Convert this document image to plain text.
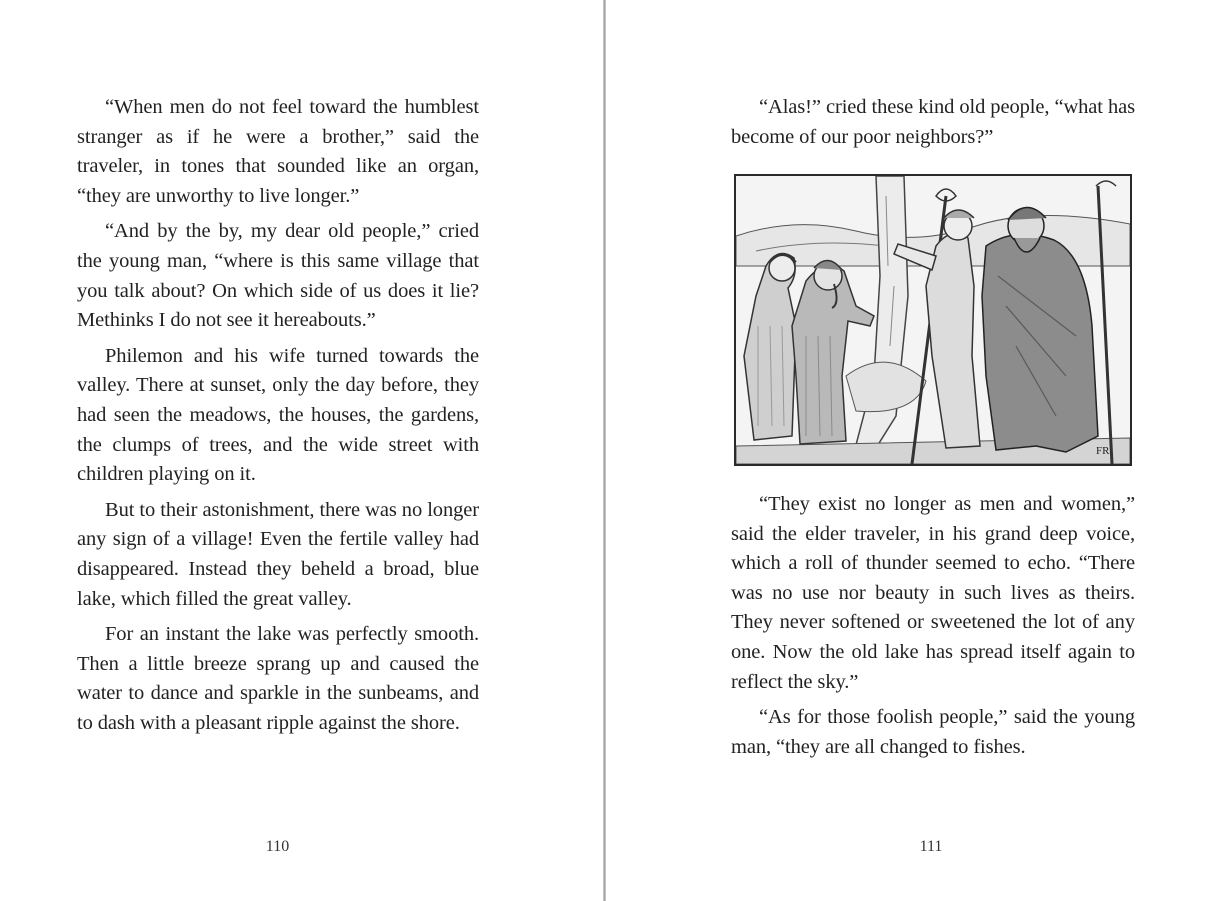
“When men do not feel toward the humblest stranger as if he were a brother,” said the traveler, in tones that sounded like an organ, “they are unworthy to live longer.”

“And by the by, my dear old people,” cried the young man, “where is this same village that you talk about? On which side of us does it lie? Methinks I do not see it hereabouts.”

Philemon and his wife turned towards the valley. There at sunset, only the day before, they had seen the meadows, the houses, the gardens, the clumps of trees, and the wide street with children playing on it.

But to their astonishment, there was no longer any sign of a village! Even the fertile valley had disappeared. Instead they beheld a broad, blue lake, which filled the great valley.

For an instant the lake was perfectly smooth. Then a little breeze sprang up and caused the water to dance and sparkle in the sunbeams, and to dash with a pleasant ripple against the shore.

110

“Alas!” cried these kind old people, “what has become of our poor neighbors?”

FR

“They exist no longer as men and women,” said the elder traveler, in his grand deep voice, which a roll of thunder seemed to echo. “There was no use nor beauty in such lives as theirs. They never softened or sweetened the lot of any one. Now the old lake has spread itself again to reflect the sky.”

“As for those foolish people,” said the young man, “they are all changed to fishes.

111
